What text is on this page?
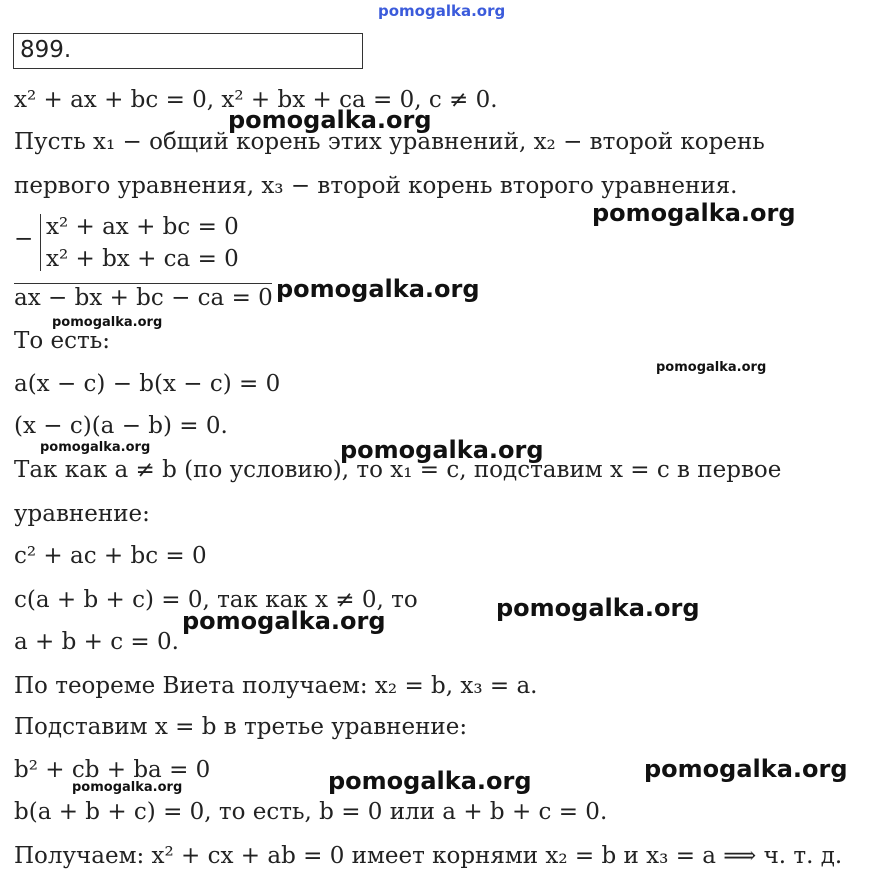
pomogalka.org
899.
x² + ax + bc = 0, x² + bx + ca = 0, c ≠ 0.
Пусть x₁ − общий корень этих уравнений, x₂ − второй корень
первого уравнения, x₃ − второй корень второго уравнения.
− x² + ax + bc = 0
x² + bx + ca = 0
ax − bx + bc − ca = 0
То есть:
a(x − c) − b(x − c) = 0
(x − c)(a − b) = 0.
Так как a ≠ b (по условию), то x₁ = c, подставим x = c в первое
уравнение:
c² + ac + bc = 0
c(a + b + c) = 0, так как x ≠ 0, то
a + b + c = 0.
По теореме Виета получаем: x₂ = b, x₃ = a.
Подставим x = b в третье уравнение:
b² + cb + ba = 0
b(a + b + c) = 0, то есть, b = 0 или a + b + c = 0.
Получаем: x² + cx + ab = 0 имеет корнями x₂ = b и x₃ = a ⟹ ч. т. д.
pomogalka.org
pomogalka.org
pomogalka.org
pomogalka.org
pomogalka.org
pomogalka.org	pomogalka.org
pomogalka.org
pomogalka.org
pomogalka.org
pomogalka.org
pomogalka.org
